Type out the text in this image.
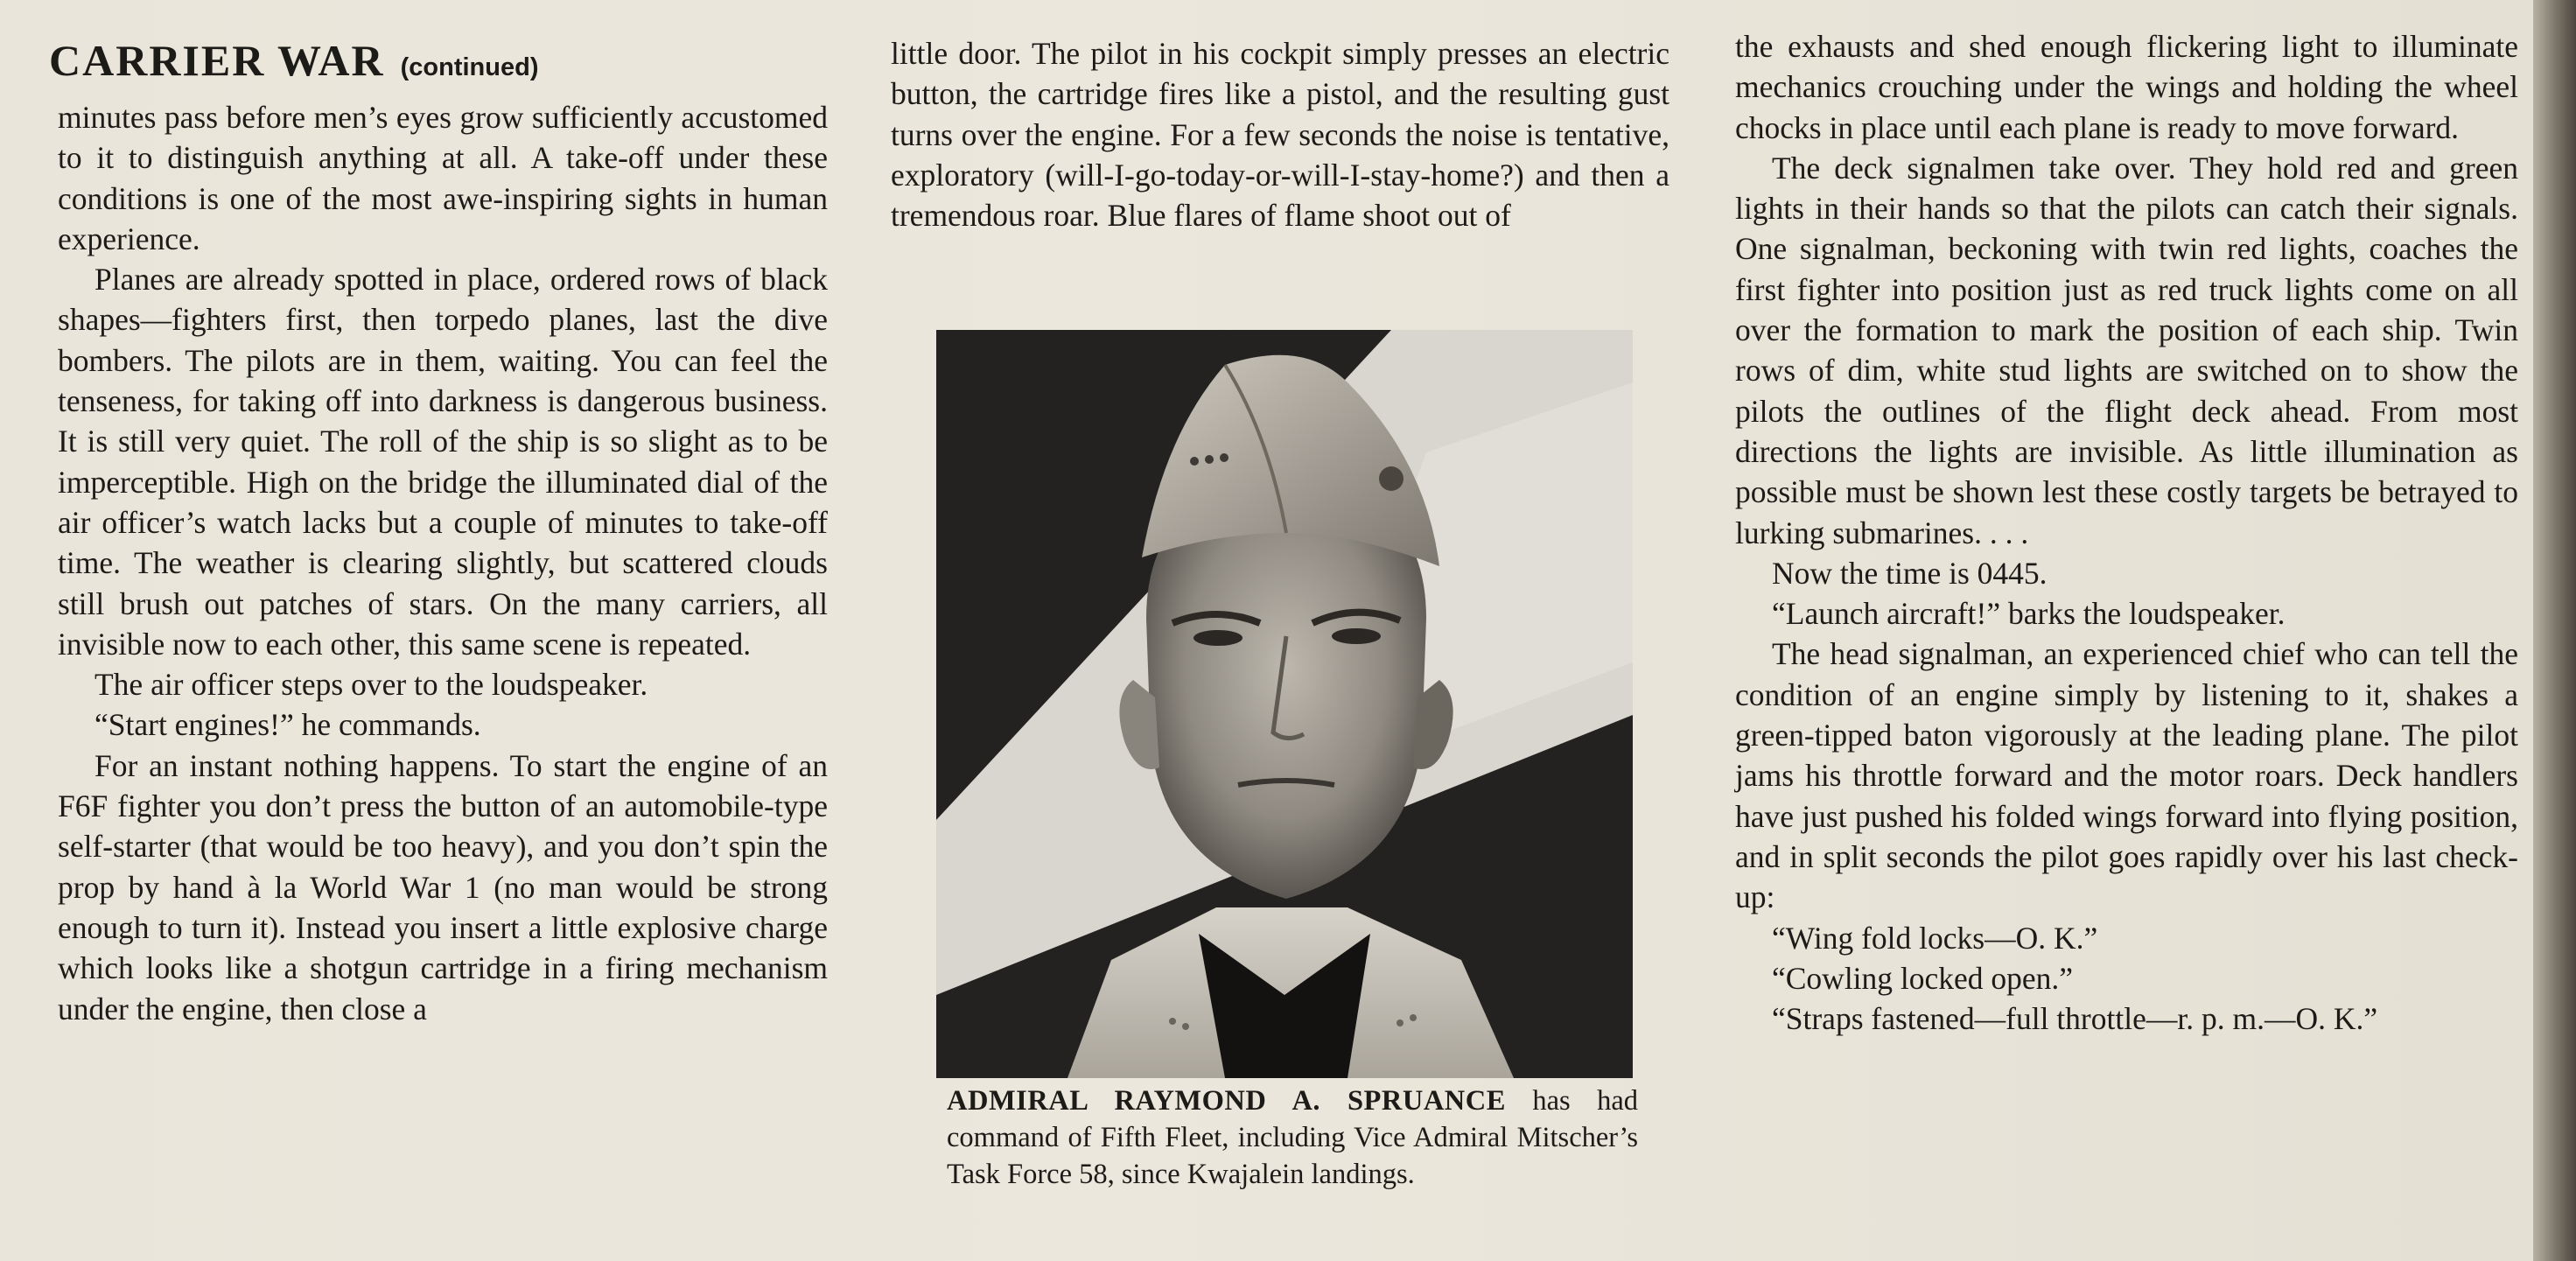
CARRIER WAR (continued)

minutes pass before men’s eyes grow sufficiently accustomed to it to distinguish anything at all. A take-off under these conditions is one of the most awe-inspiring sights in human experience.

Planes are already spotted in place, ordered rows of black shapes—fighters first, then torpedo planes, last the dive bombers. The pilots are in them, waiting. You can feel the tenseness, for taking off into darkness is dangerous business. It is still very quiet. The roll of the ship is so slight as to be imperceptible. High on the bridge the illuminated dial of the air officer’s watch lacks but a couple of minutes to take-off time. The weather is clearing slightly, but scattered clouds still brush out patches of stars. On the many carriers, all invisible now to each other, this same scene is repeated.

The air officer steps over to the loudspeaker.

“Start engines!” he commands.

For an instant nothing happens. To start the engine of an F6F fighter you don’t press the button of an automobile-type self-starter (that would be too heavy), and you don’t spin the prop by hand à la World War 1 (no man would be strong enough to turn it). Instead you insert a little explosive charge which looks like a shotgun cartridge in a firing mechanism under the engine, then close a

little door. The pilot in his cockpit simply presses an electric button, the cartridge fires like a pistol, and the resulting gust turns over the engine. For a few seconds the noise is tentative, exploratory (will-I-go-today-or-will-I-stay-home?) and then a tremendous roar. Blue flares of flame shoot out of

ADMIRAL RAYMOND A. SPRUANCE has had command of Fifth Fleet, including Vice Admiral Mitscher’s Task Force 58, since Kwajalein landings.

the exhausts and shed enough flickering light to illuminate mechanics crouching under the wings and holding the wheel chocks in place until each plane is ready to move forward.

The deck signalmen take over. They hold red and green lights in their hands so that the pilots can catch their signals. One signalman, beckoning with twin red lights, coaches the first fighter into position just as red truck lights come on all over the formation to mark the position of each ship. Twin rows of dim, white stud lights are switched on to show the pilots the outlines of the flight deck ahead. From most directions the lights are invisible. As little illumination as possible must be shown lest these costly targets be betrayed to lurking submarines. . . .

Now the time is 0445.

“Launch aircraft!” barks the loudspeaker.

The head signalman, an experienced chief who can tell the condition of an engine simply by listening to it, shakes a green-tipped baton vigorously at the leading plane. The pilot jams his throttle forward and the motor roars. Deck handlers have just pushed his folded wings forward into flying position, and in split seconds the pilot goes rapidly over his last check-up:

“Wing fold locks—O. K.”

“Cowling locked open.”

“Straps fastened—full throttle—r. p. m.—O. K.”
